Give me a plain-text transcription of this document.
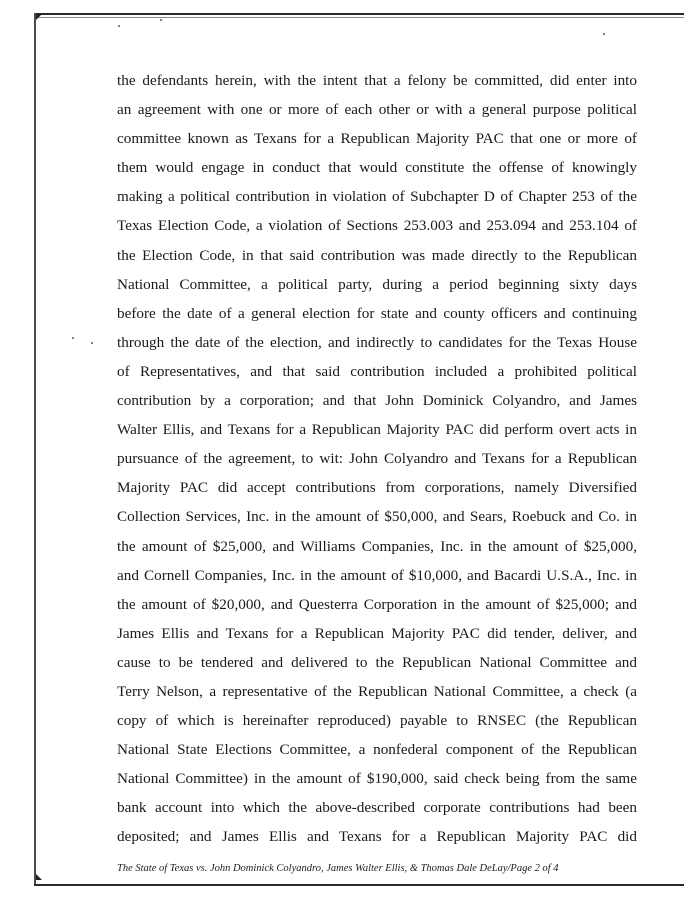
the defendants herein, with the intent that a felony be committed, did enter into
an agreement with one or more of each other or with a general purpose political
committee known as Texans for a Republican Majority PAC that one or more of
them would engage in conduct that would constitute the offense of knowingly
making a political contribution in violation of Subchapter D of Chapter 253 of the
Texas Election Code, a violation of Sections 253.003 and 253.094 and 253.104 of
the Election Code, in that said contribution was made directly to the Republican
National Committee, a political party, during a period beginning sixty days
before the date of a general election for state and county officers and continuing
through the date of the election, and indirectly to candidates for the Texas House
of Representatives, and that said contribution included a prohibited political
contribution by a corporation; and that John Dominick Colyandro, and James
Walter Ellis, and Texans for a Republican Majority PAC did perform overt acts in
pursuance of the agreement, to wit: John Colyandro and Texans for a Republican
Majority PAC did accept contributions from corporations, namely Diversified
Collection Services, Inc. in the amount of $50,000, and Sears, Roebuck and Co. in
the amount of $25,000, and Williams Companies, Inc. in the amount of $25,000,
and Cornell Companies, Inc. in the amount of $10,000, and Bacardi U.S.A., Inc. in
the amount of $20,000, and Questerra Corporation in the amount of $25,000; and
James Ellis and Texans for a Republican Majority PAC did tender, deliver, and
cause to be tendered and delivered to the Republican National Committee and
Terry Nelson, a representative of the Republican National Committee, a check (a
copy of which is hereinafter reproduced) payable to RNSEC (the Republican
National State Elections Committee, a nonfederal component of the Republican
National Committee) in the amount of $190,000, said check being from the same
bank account into which the above-described corporate contributions had been
deposited; and James Ellis and Texans for a Republican Majority PAC did
The State of Texas vs. John Dominick Colyandro, James Walter Ellis, & Thomas Dale DeLay/Page 2 of 4
